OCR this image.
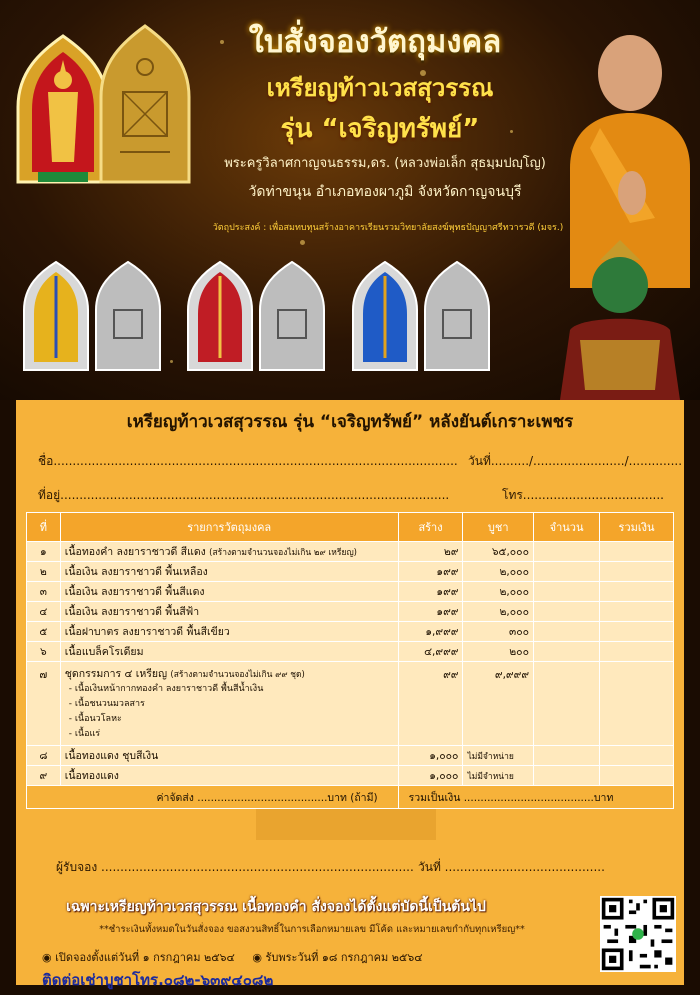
ใบสั่งจองวัตถุมงคล
เหรียญท้าวเวสสุวรรณ
รุ่น “เจริญทรัพย์”
พระครูวิลาศกาญจนธรรม,ดร. (หลวงพ่อเล็ก สุธมฺมปญฺโญ)
วัดท่าขนุน อำเภอทองผาภูมิ จังหวัดกาญจนบุรี
วัตถุประสงค์ : เพื่อสมทบทุนสร้างอาคารเรียนรวมวิทยาลัยสงฆ์พุทธปัญญาศรีทวารวดี (มจร.)
เหรียญท้าวเวสสุวรรณ รุ่น “เจริญทรัพย์” หลังยันต์เกราะเพชร
ชื่อ.......................................................................................................... วันที่........../......................../..............
ที่อยู่......................................................................................................	โทร.....................................
ที่	รายการวัตถุมงคล	สร้าง	บูชา	จำนวน	รวมเงิน
๑	เนื้อทองคำ ลงยาราชาวดี สีแดง (สร้างตามจำนวนจองไม่เกิน ๒๙ เหรียญ)	๒๙	๖๕,๐๐๐		
๒	เนื้อเงิน ลงยาราชาวดี พื้นเหลือง	๑๙๙	๒,๐๐๐		
๓	เนื้อเงิน ลงยาราชาวดี พื้นสีแดง	๑๙๙	๒,๐๐๐		
๔	เนื้อเงิน ลงยาราชาวดี พื้นสีฟ้า	๑๙๙	๒,๐๐๐		
๕	เนื้อฝาบาตร ลงยาราชาวดี พื้นสีเขียว	๑,๙๙๙	๓๐๐		
๖	เนื้อแบล็คโรเดียม	๔,๙๙๙	๒๐๐		
๗	ชุดกรรมการ ๔ เหรียญ (สร้างตามจำนวนจองไม่เกิน ๙๙ ชุด)
- เนื้อเงินหน้ากากทองคำ ลงยาราชาวดี พื้นสีน้ำเงิน
- เนื้อชนวนมวลสาร
- เนื้อนวโลหะ
- เนื้อแร่	๙๙	๙,๙๙๙		
๘	เนื้อทองแดง ชุบสีเงิน	๑,๐๐๐	ไม่มีจำหน่าย		
๙	เนื้อทองแดง	๑,๐๐๐	ไม่มีจำหน่าย		
ค่าจัดส่ง .......................................บาท (ถ้ามี)		รวมเป็นเงิน .......................................บาท			
ผู้รับจอง .................................................................................. วันที่ ..........................................
เฉพาะเหรียญท้าวเวสสุวรรณ เนื้อทองคำ สั่งจองได้ตั้งแต่บัดนี้เป็นต้นไป
**ชำระเงินทั้งหมดในวันสั่งจอง ขอสงวนสิทธิ์ในการเลือกหมายเลข มีโค้ด และหมายเลขกำกับทุกเหรียญ**
◉ เปิดจองตั้งแต่วันที่ ๑ กรกฎาคม ๒๕๖๔ ◉ รับพระวันที่ ๑๘ กรกฎาคม ๒๕๖๔
ติดต่อเช่าบูชาโทร.๐๘๒-๖๓๙๔๐๘๒
